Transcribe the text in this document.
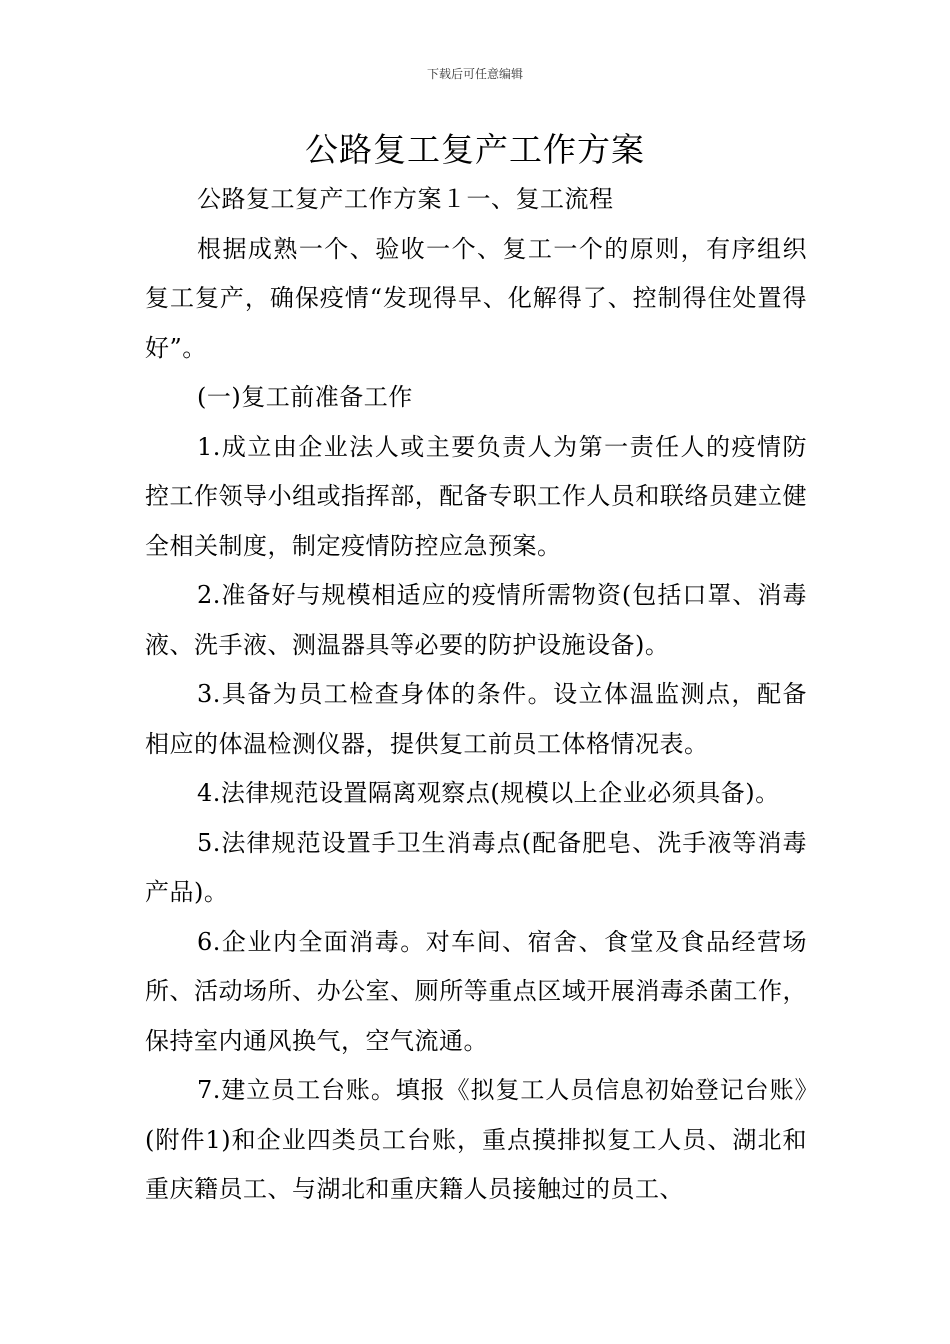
下载后可任意编辑
公路复工复产工作方案

公路复工复产工作方案１一、复工流程

根据成熟一个、验收一个、复工一个的原则，有序组织复工复产，确保疫情“发现得早、化解得了、控制得住处置得好”。

(一)复工前准备工作

1.成立由企业法人或主要负责人为第一责任人的疫情防控工作领导小组或指挥部，配备专职工作人员和联络员建立健全相关制度，制定疫情防控应急预案。

2.准备好与规模相适应的疫情所需物资(包括口罩、消毒液、洗手液、测温器具等必要的防护设施设备)。

3.具备为员工检查身体的条件。设立体温监测点，配备相应的体温检测仪器，提供复工前员工体格情况表。

4.法律规范设置隔离观察点(规模以上企业必须具备)。

5.法律规范设置手卫生消毒点(配备肥皂、洗手液等消毒产品)。

6.企业内全面消毒。对车间、宿舍、食堂及食品经营场所、活动场所、办公室、厕所等重点区域开展消毒杀菌工作，保持室内通风换气，空气流通。

7.建立员工台账。填报《拟复工人员信息初始登记台账》(附件1)和企业四类员工台账，重点摸排拟复工人员、湖北和重庆籍员工、与湖北和重庆籍人员接触过的员工、
